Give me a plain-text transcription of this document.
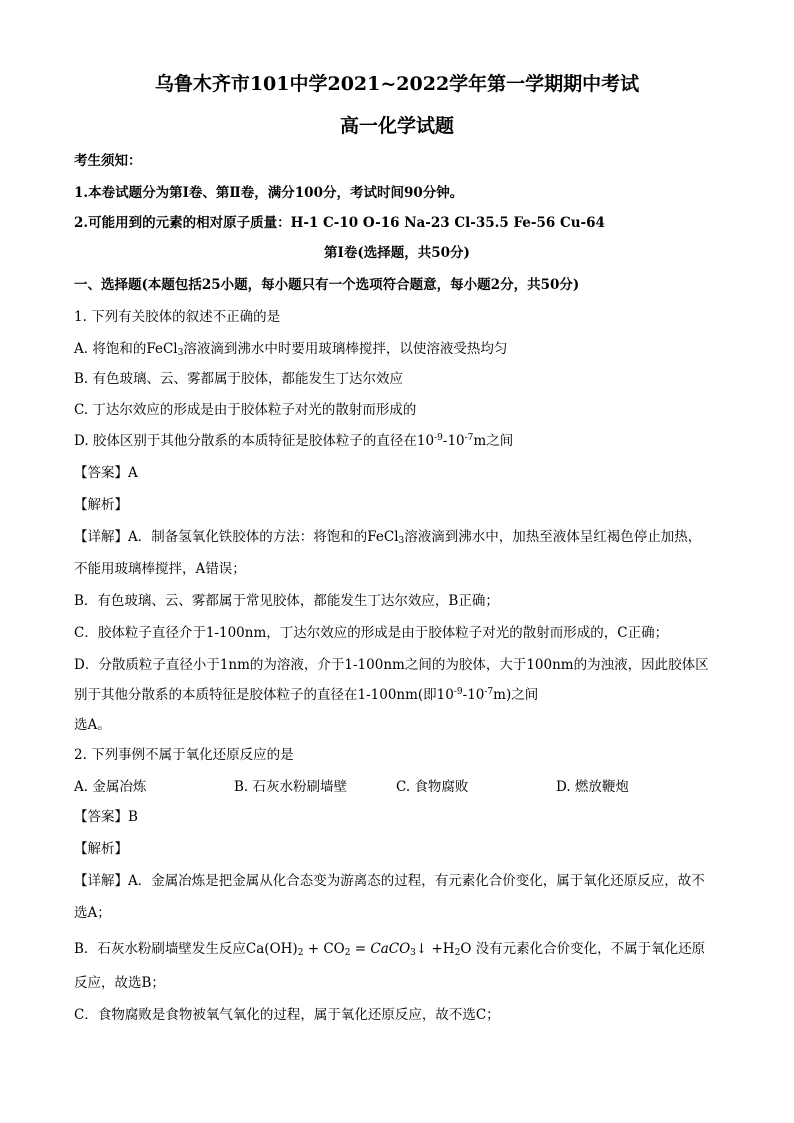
乌鲁木齐市101中学2021~2022学年第一学期期中考试
高一化学试题
考生须知：
1.本卷试题分为第Ⅰ卷、第Ⅱ卷，满分100分，考试时间90分钟。
2.可能用到的元素的相对原子质量：H-1 C-10 O-16 Na-23 Cl-35.5 Fe-56 Cu-64
第Ⅰ卷(选择题，共50分)
一、选择题(本题包括25小题，每小题只有一个选项符合题意，每小题2分，共50分)
1. 下列有关胶体的叙述不正确的是
A. 将饱和的FeCl$_3$溶液滴到沸水中时要用玻璃棒搅拌，以使溶液受热均匀
B. 有色玻璃、云、雾都属于胶体，都能发生丁达尔效应
C. 丁达尔效应的形成是由于胶体粒子对光的散射而形成的
D. 胶体区别于其他分散系的本质特征是胶体粒子的直径在$10^{-9}-10^{-7}m$之间
【答案】A
【解析】
【详解】A．制备氢氧化铁胶体的方法：将饱和的FeCl$_3$溶液滴到沸水中，加热至液体呈红褐色停止加热，
不能用玻璃棒搅拌，A错误；
B．有色玻璃、云、雾都属于常见胶体，都能发生丁达尔效应，B正确；
C．胶体粒子直径介于1-100nm，丁达尔效应的形成是由于胶体粒子对光的散射而形成的，C正确；
D．分散质粒子直径小于1nm的为溶液，介于1-100nm之间的为胶体，大于100nm的为浊液，因此胶体区
别于其他分散系的本质特征是胶体粒子的直径在1-100nm(即$10^{-9}-10^{-7}m$)之间
选A。
2. 下列事例不属于氧化还原反应的是
A. 金属冶炼	B. 石灰水粉刷墙壁	C. 食物腐败	D. 燃放鞭炮
【答案】B
【解析】
【详解】A．金属冶炼是把金属从化合态变为游离态的过程，有元素化合价变化，属于氧化还原反应，故不
选A；
B．石灰水粉刷墙壁发生反应$Ca(OH)_2 + CO_2$ = CaCO$_3$↓ $+H_2O$ 没有元素化合价变化，不属于氧化还原
反应，故选B；
C．食物腐败是食物被氧气氧化的过程，属于氧化还原反应，故不选C；
